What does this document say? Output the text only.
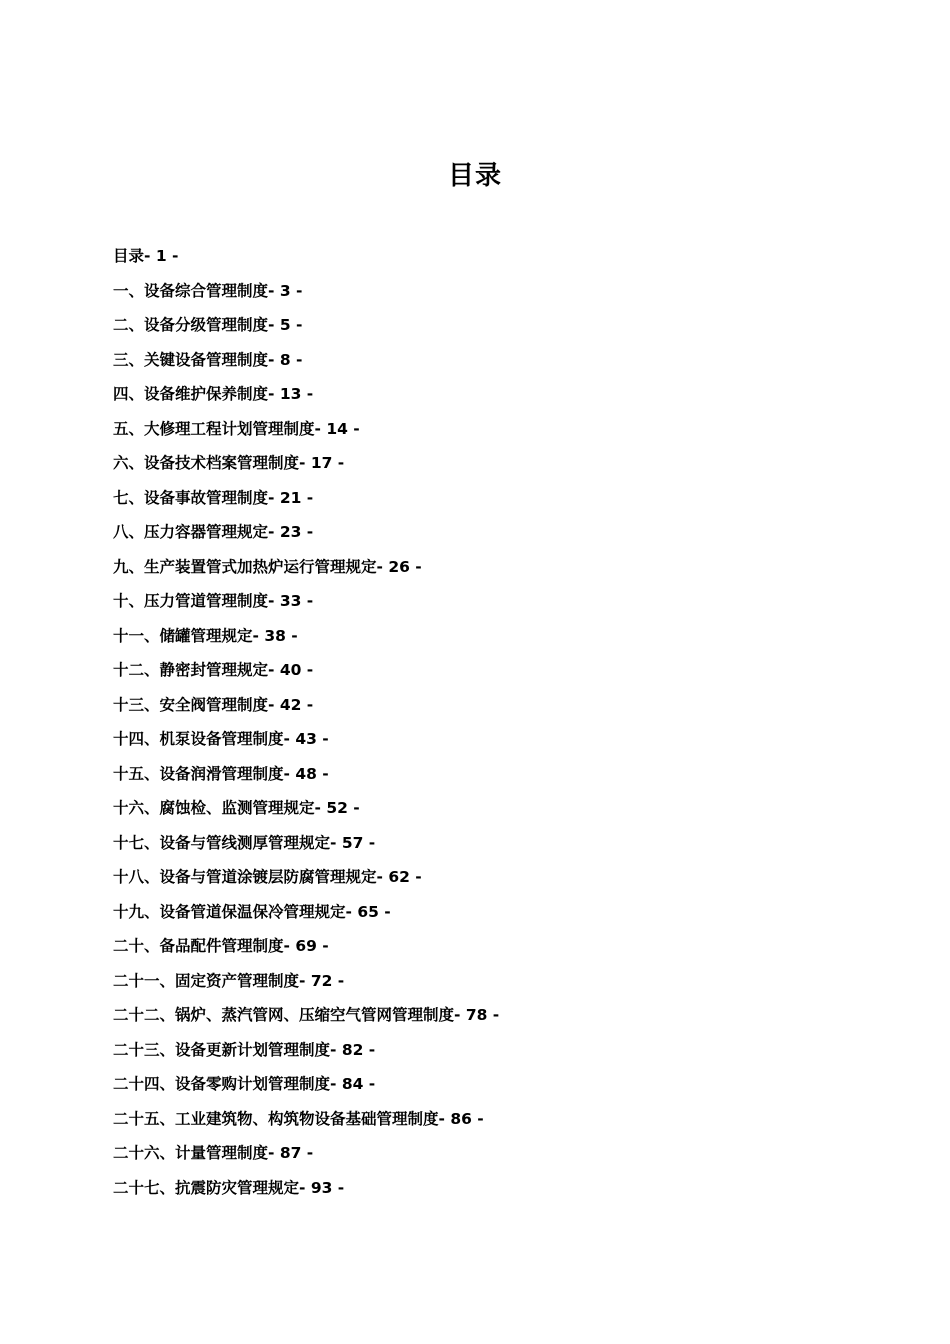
目录
目录- 1 -
一、设备综合管理制度- 3 -
二、设备分级管理制度- 5 -
三、关键设备管理制度- 8 -
四、设备维护保养制度- 13 -
五、大修理工程计划管理制度- 14 -
六、设备技术档案管理制度- 17 -
七、设备事故管理制度- 21 -
八、压力容器管理规定- 23 -
九、生产装置管式加热炉运行管理规定- 26 -
十、压力管道管理制度- 33 -
十一、储罐管理规定- 38 -
十二、静密封管理规定- 40 -
十三、安全阀管理制度- 42 -
十四、机泵设备管理制度- 43 -
十五、设备润滑管理制度- 48 -
十六、腐蚀检、监测管理规定- 52 -
十七、设备与管线测厚管理规定- 57 -
十八、设备与管道涂镀层防腐管理规定- 62 -
十九、设备管道保温保冷管理规定- 65 -
二十、备品配件管理制度- 69 -
二十一、固定资产管理制度- 72 -
二十二、锅炉、蒸汽管网、压缩空气管网管理制度- 78 -
二十三、设备更新计划管理制度- 82 -
二十四、设备零购计划管理制度- 84 -
二十五、工业建筑物、构筑物设备基础管理制度- 86 -
二十六、计量管理制度- 87 -
二十七、抗震防灾管理规定- 93 -
